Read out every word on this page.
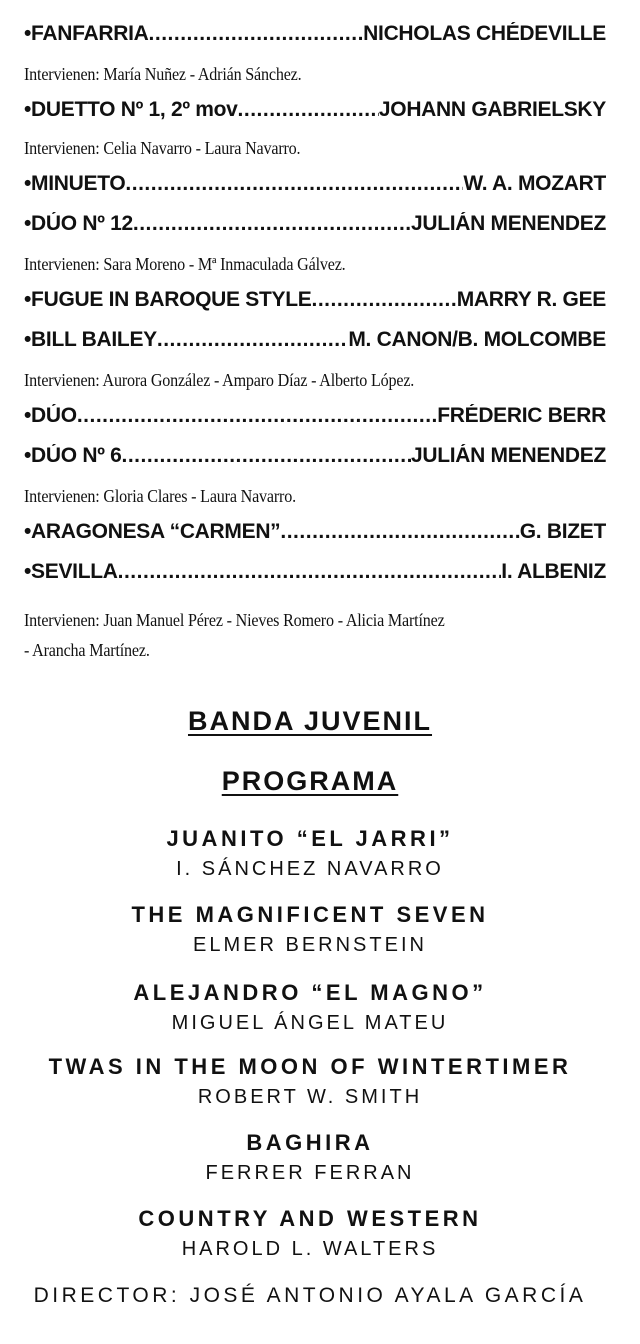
•FANFARRIA .....	NICHOLAS CHÉDEVILLE
Intervienen: María Nuñez - Adrián Sánchez.
•DUETTO Nº 1, 2º mov .....	JOHANN GABRIELSKY
Intervienen: Celia Navarro - Laura Navarro.
•MINUETO .....	W. A. MOZART
•DÚO Nº 12 .....	JULIÁN MENENDEZ
Intervienen: Sara Moreno - Mª Inmaculada Gálvez.
•FUGUE IN BAROQUE STYLE .....	MARRY R. GEE
•BILL BAILEY .....	M. CANON/B. MOLCOMBE
Intervienen: Aurora González - Amparo Díaz - Alberto López.
•DÚO .....	FRÉDERIC BERR
•DÚO Nº 6 .....	JULIÁN MENENDEZ
Intervienen: Gloria Clares - Laura Navarro.
•ARAGONESA “CARMEN” .....	G. BIZET
•SEVILLA .....	I. ALBENIZ
Intervienen: Juan Manuel Pérez - Nieves Romero - Alicia Martínez
- Arancha Martínez.
BANDA JUVENIL
PROGRAMA
JUANITO “EL JARRI”
I. SÁNCHEZ NAVARRO
THE MAGNIFICENT SEVEN
ELMER BERNSTEIN
ALEJANDRO “EL MAGNO”
MIGUEL ÁNGEL MATEU
TWAS IN THE MOON OF WINTERTIMER
ROBERT W. SMITH
BAGHIRA
FERRER FERRAN
COUNTRY AND WESTERN
HAROLD L. WALTERS
DIRECTOR: JOSÉ ANTONIO AYALA GARCÍA
